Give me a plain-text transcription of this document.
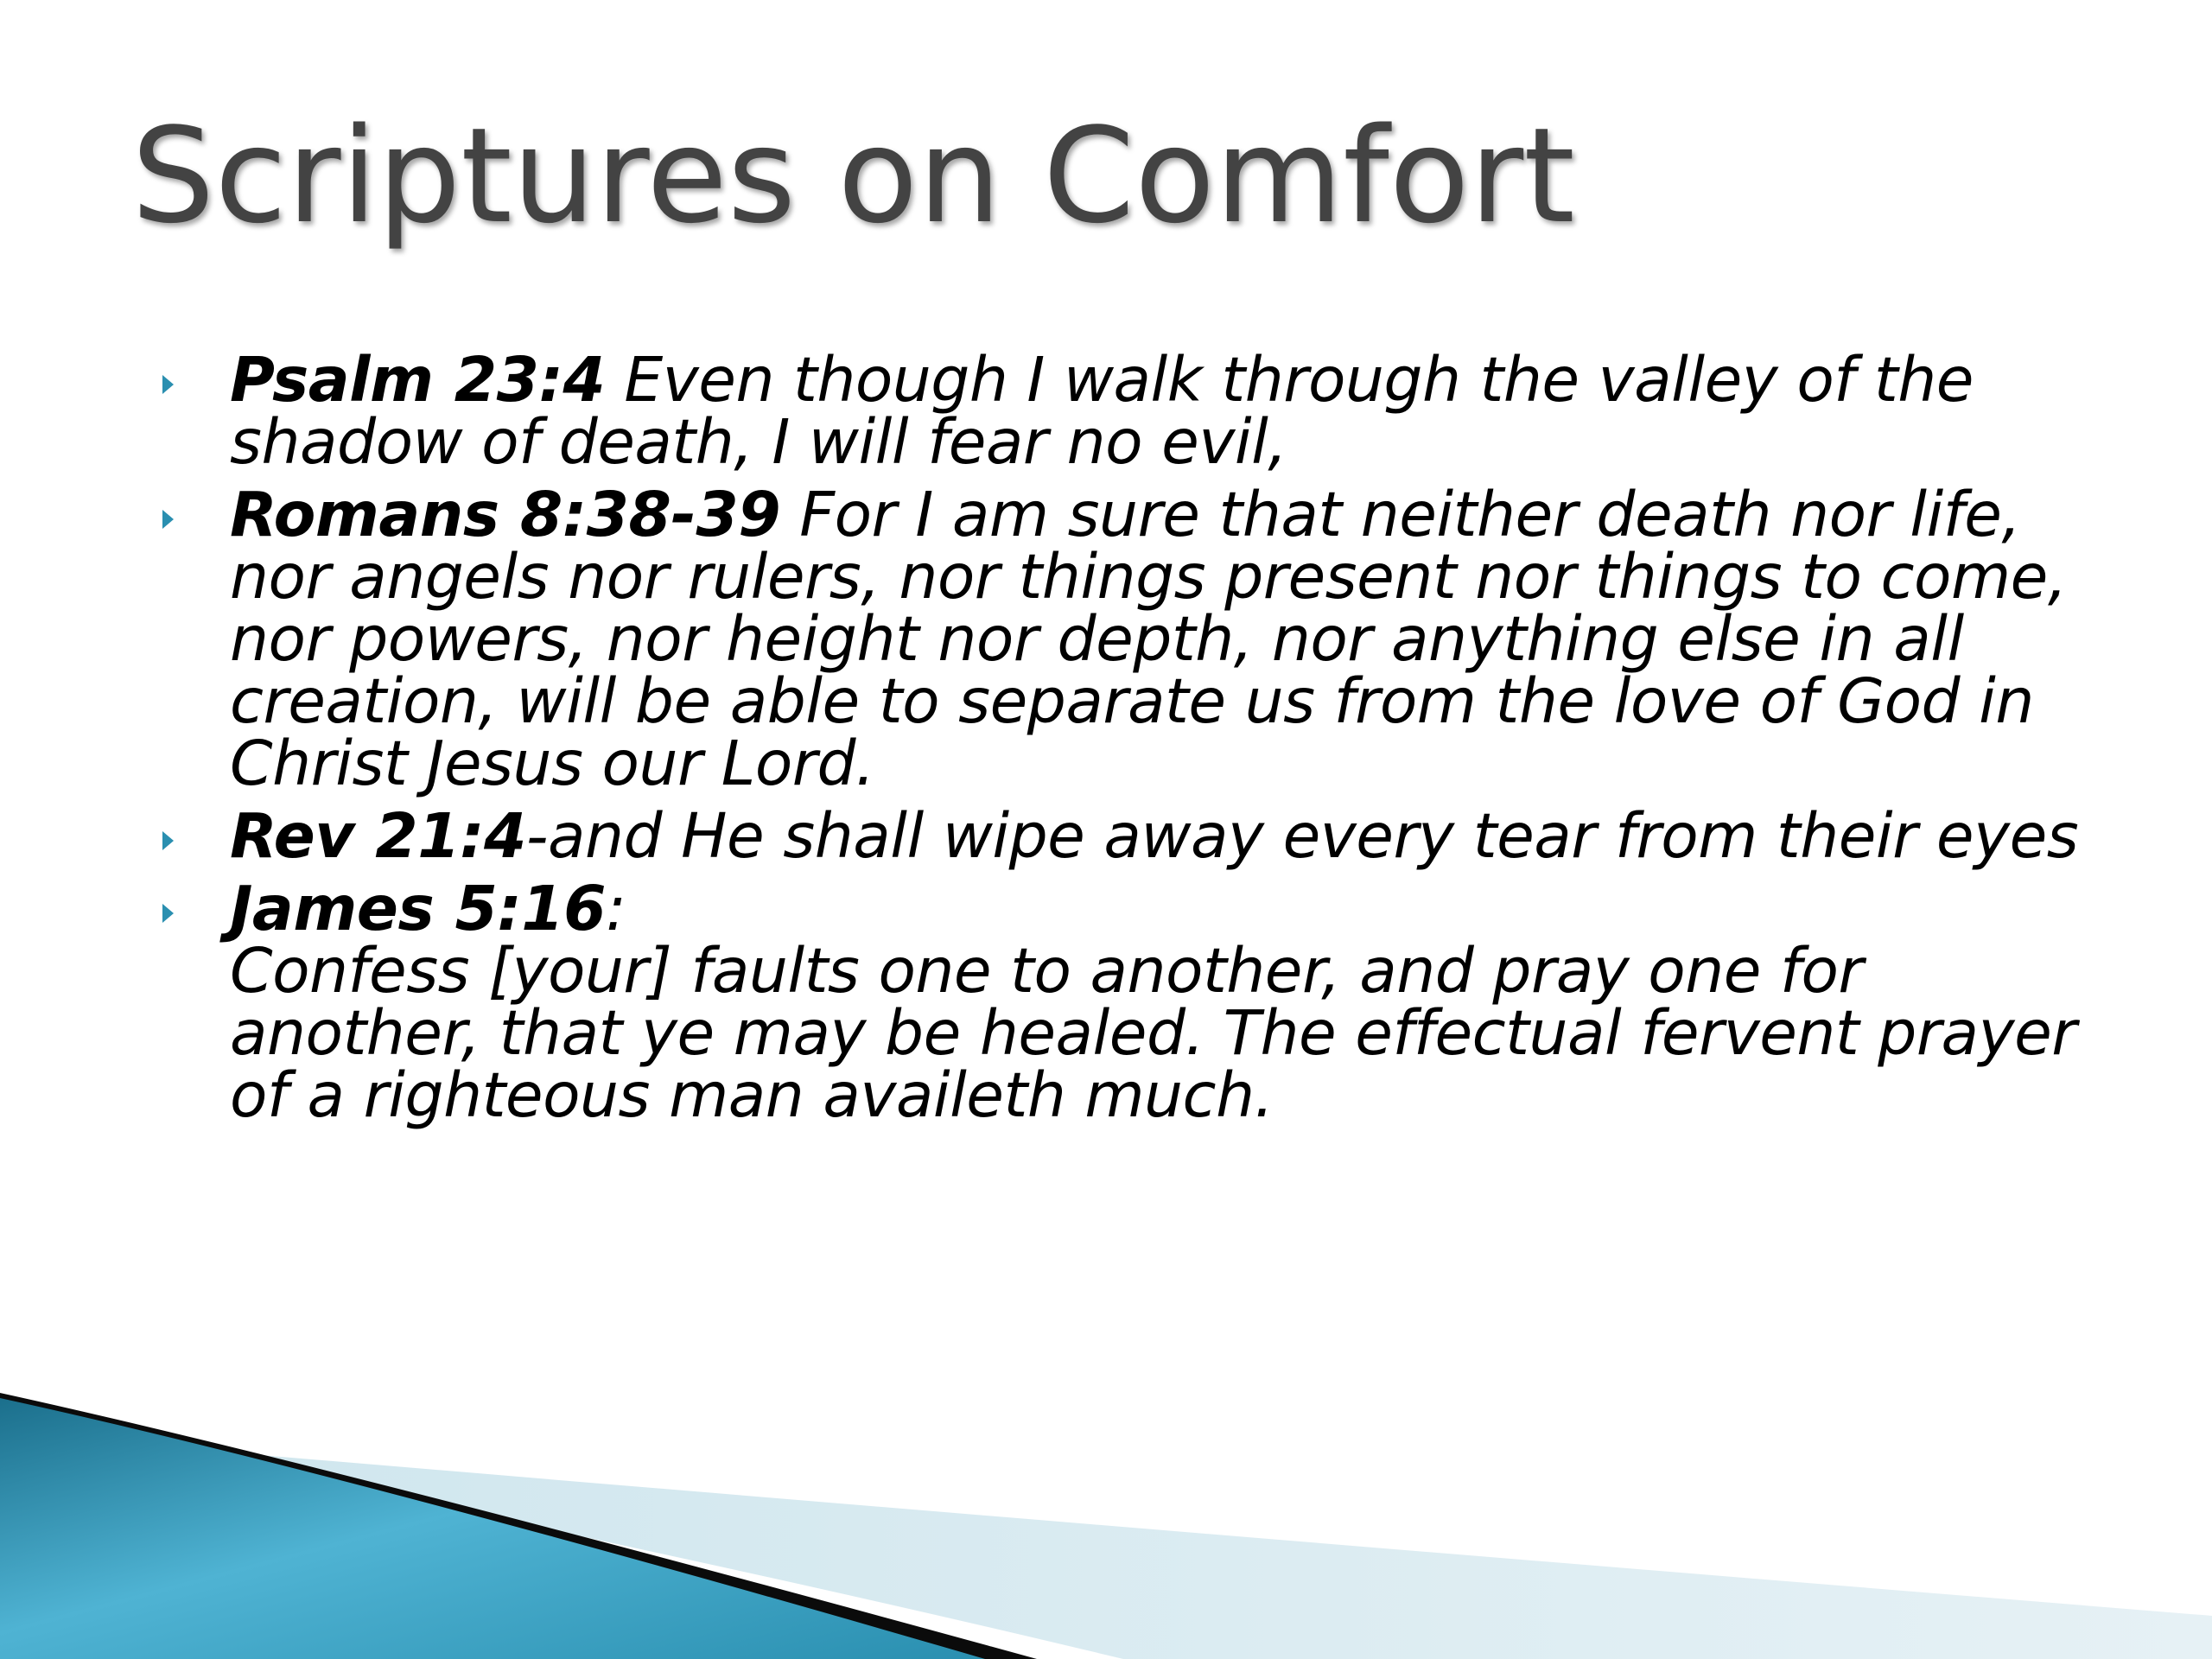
Scriptures on Comfort
Psalm 23:4 Even though I walk through the valley of the shadow of death, I will fear no evil,
Romans 8:38-39 For I am sure that neither death nor life, nor angels nor rulers, nor things present nor things to come, nor powers, nor height nor depth, nor anything else in all creation, will be able to separate us from the love of God in Christ Jesus our Lord.
Rev 21:4-and He shall wipe away every tear from their eyes
James 5:16:
Confess [your] faults one to another, and pray one for another, that ye may be healed. The effectual fervent prayer of a righteous man availeth much.
